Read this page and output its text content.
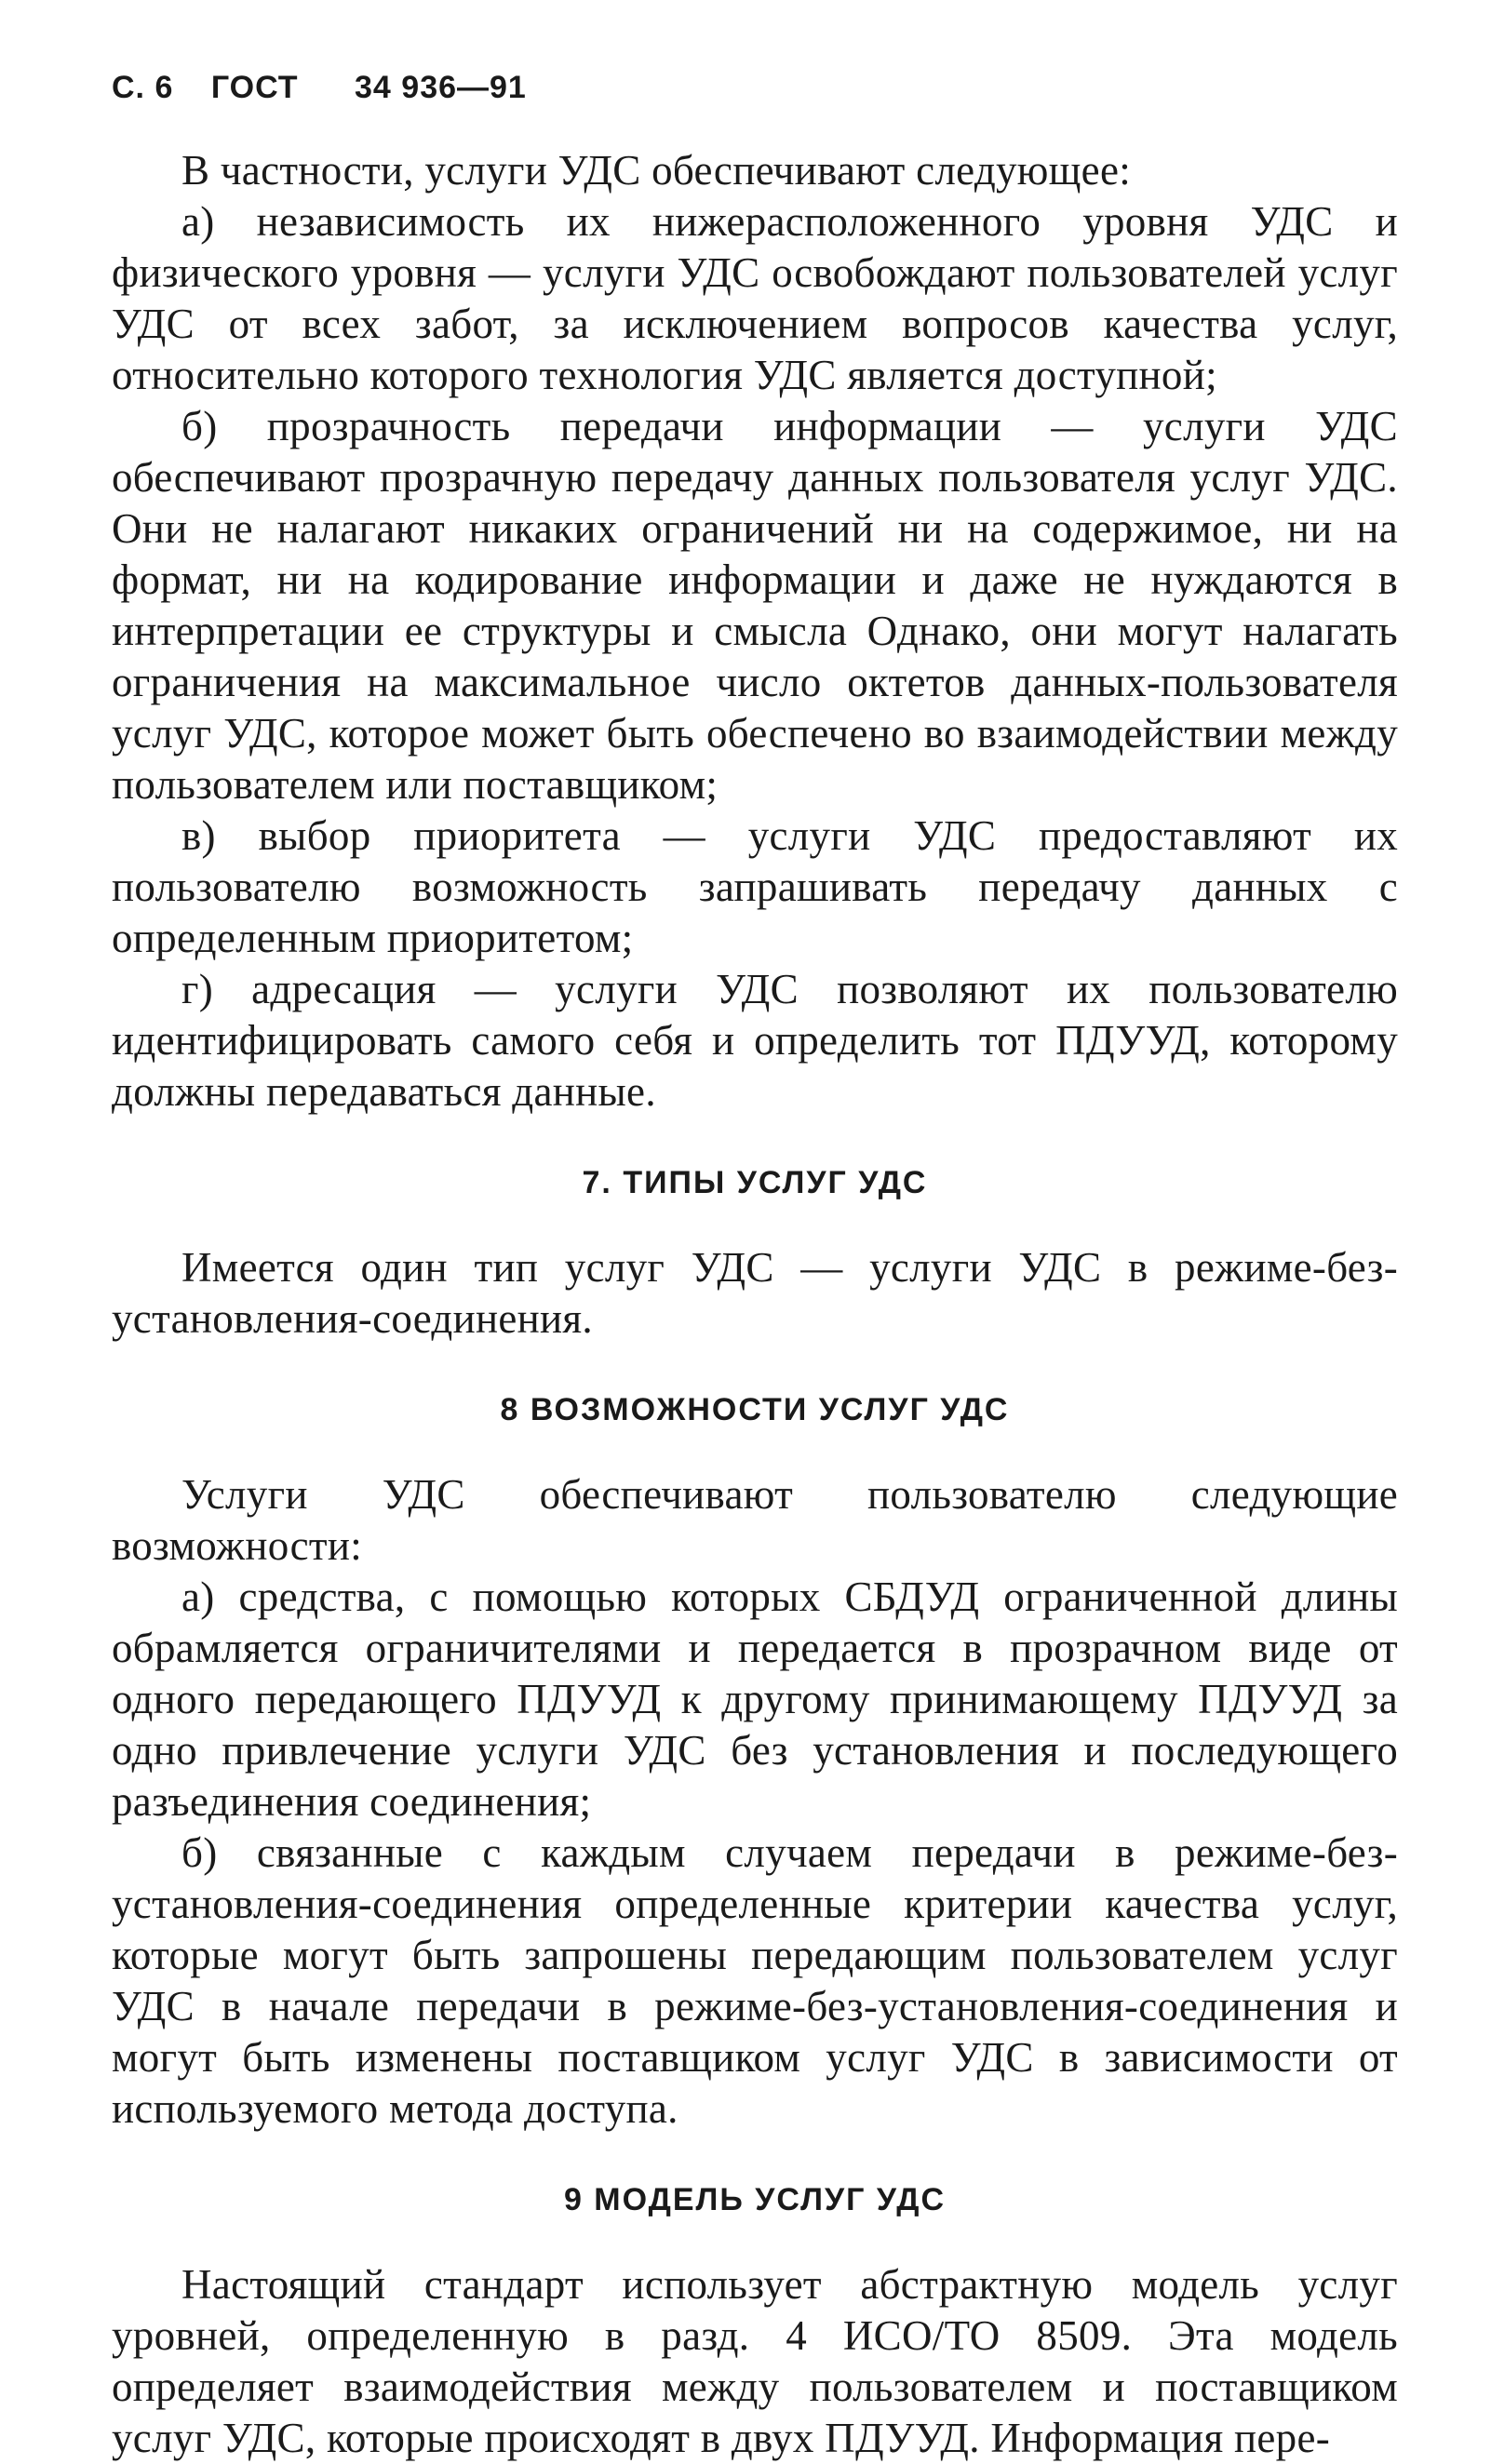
С. 6 ГОСТ 34 936—91

В частности, услуги УДС обеспечивают следующее:

а) независимость их нижерасположенного уровня УДС и физического уровня — услуги УДС освобождают пользователей услуг УДС от всех забот, за исключением вопросов качества услуг, относительно которого технология УДС является доступной;

б) прозрачность передачи информации — услуги УДС обеспечивают прозрачную передачу данных пользователя услуг УДС. Они не налагают никаких ограничений ни на содержимое, ни на формат, ни на кодирование информации и даже не нуждаются в интерпретации ее структуры и смысла Однако, они могут налагать ограничения на максимальное число октетов данных-пользователя услуг УДС, которое может быть обеспечено во взаимодействии между пользователем или поставщиком;

в) выбор приоритета — услуги УДС предоставляют их пользователю возможность запрашивать передачу данных с определенным приоритетом;

г) адресация — услуги УДС позволяют их пользователю идентифицировать самого себя и определить тот ПДУУД, которому должны передаваться данные.

7. ТИПЫ УСЛУГ УДС

Имеется один тип услуг УДС — услуги УДС в режиме-без-установления-соединения.

8 ВОЗМОЖНОСТИ УСЛУГ УДС

Услуги УДС обеспечивают пользователю следующие возможности:

а) средства, с помощью которых СБДУД ограниченной длины обрамляется ограничителями и передается в прозрачном виде от одного передающего ПДУУД к другому принимающему ПДУУД за одно привлечение услуги УДС без установления и последующего разъединения соединения;

б) связанные с каждым случаем передачи в режиме-без-установления-соединения определенные критерии качества услуг, которые могут быть запрошены передающим пользователем услуг УДС в начале передачи в режиме-без-установления-соединения и могут быть изменены поставщиком услуг УДС в зависимости от используемого метода доступа.

9 МОДЕЛЬ УСЛУГ УДС

Настоящий стандарт использует абстрактную модель услуг уровней, определенную в разд. 4 ИСО/ТО 8509. Эта модель определяет взаимодействия между пользователем и поставщиком услуг УДС, которые происходят в двух ПДУУД. Информация пере-
